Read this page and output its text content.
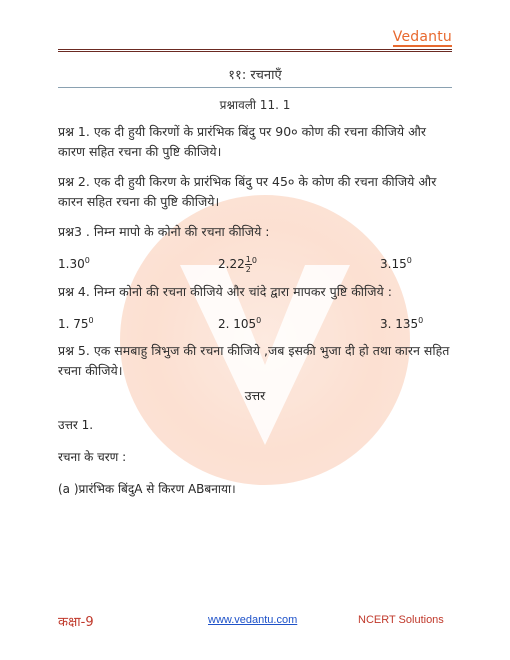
Vedantu
११: रचनाएँ
प्रश्नावली 11. 1

प्रश्न 1. एक दी हुयी किरणों के प्रारंभिक बिंदु पर 90० कोण की रचना कीजिये और कारण सहित रचना की पुष्टि कीजिये।

प्रश्न 2. एक दी हुयी किरण के प्रारंभिक बिंदु पर 45० के कोण की रचना कीजिये और कारन सहित रचना की पुष्टि कीजिये।

प्रश्न3 . निम्न मापो के कोनो की रचना कीजिये :

1.30$^0$	$2.22 \frac{1}{2} ^0$	3.15$^0$

प्रश्न 4. निम्न कोनो की रचना कीजिये और चांदे द्वारा मापकर पुष्टि कीजिये :

1. $75^0$	2. $105^0$	3. $135^0$

प्रश्न 5. एक समबाहु त्रिभुज की रचना कीजिये ,जब इसकी भुजा दी हो तथा कारन सहित रचना कीजिये।

उत्तर

उत्तर 1.

रचना के चरण :

(a )प्रारंभिक बिंदुA से किरण ABबनाया।

कक्षा-9	www.vedantu.com	NCERT Solutions
